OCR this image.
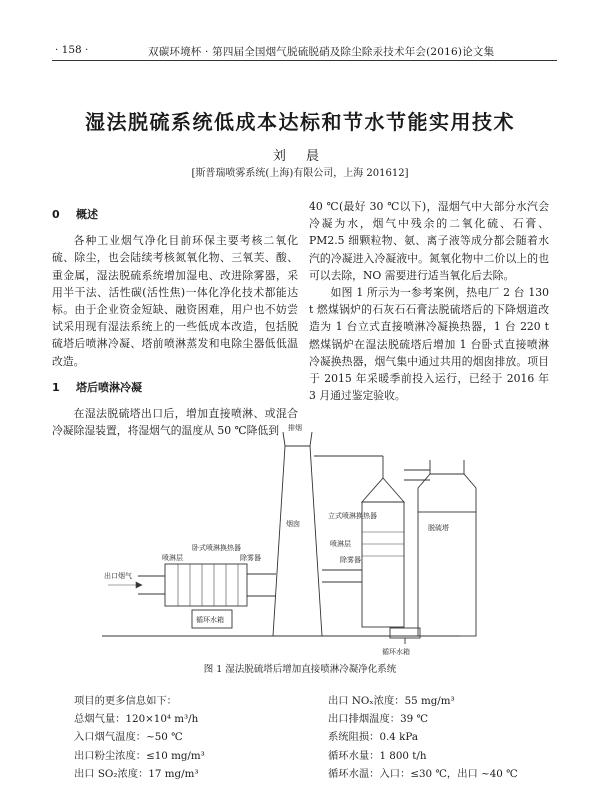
· 158 ·	双碳环境杯 · 第四届全国烟气脱硫脱硝及除尘除汞技术年会(2016)论文集
湿法脱硫系统低成本达标和节水节能实用技术
刘 晨
[斯普瑞喷雾系统(上海)有限公司，上海 201612]
0 概述

各种工业烟气净化目前环保主要考核二氧化硫、除尘，也会陆续考核氮氧化物、三氧芙、酸、重金属，湿法脱硫系统增加湿电、改进除雾器，采用半干法、活性碳(活性焦)一体化净化技术都能达标。由于企业资金短缺、融资困难，用户也不妨尝试采用现有湿法系统上的一些低成本改造，包括脱硫塔后喷淋冷凝、塔前喷淋蒸发和电除尘器低低温改造。

1 塔后喷淋冷凝

在湿法脱硫塔出口后，增加直接喷淋、或混合冷凝除湿装置，将湿烟气的温度从 50 ℃降低到

40 ℃(最好 30 ℃以下)，湿烟气中大部分水汽会冷凝为水，烟气中残余的二氧化硫、石膏、PM2.5 细颗粒物、氨、离子液等成分都会随着水汽的冷凝进入冷凝液中。氮氧化物中二价以上的也可以去除，NO 需要进行适当氧化后去除。

如图 1 所示为一参考案例，热电厂 2 台 130 t 燃煤锅炉的石灰石石膏法脱硫塔后的下降烟道改造为 1 台立式直接喷淋冷凝换热器，1 台 220 t 燃煤锅炉在湿法脱硫塔后增加 1 台卧式直接喷淋冷凝换热器，烟气集中通过共用的烟囱排放。项目于 2015 年采暖季前投入运行，已经于 2016 年 3 月通过鉴定验收。

排烟
烟囱
立式喷淋换热器
喷淋层
脱硫塔
除雾器
卧式喷淋换热器
喷淋层	除雾器
出口烟气
循环水箱
循环水箱
图 1 湿法脱硫塔后增加直接喷淋冷凝净化系统
项目的更多信息如下：
总烟气量：120×10⁴ m³/h
入口烟气温度：~50 ℃
出口粉尘浓度：≤10 mg/m³
出口 SO₂浓度：17 mg/m³
出口 NOₓ浓度：55 mg/m³
出口排烟温度：39 ℃
系统阻损：0.4 kPa
循环水量：1 800 t/h
循环水温：入口：≤30 ℃，出口 ~40 ℃
